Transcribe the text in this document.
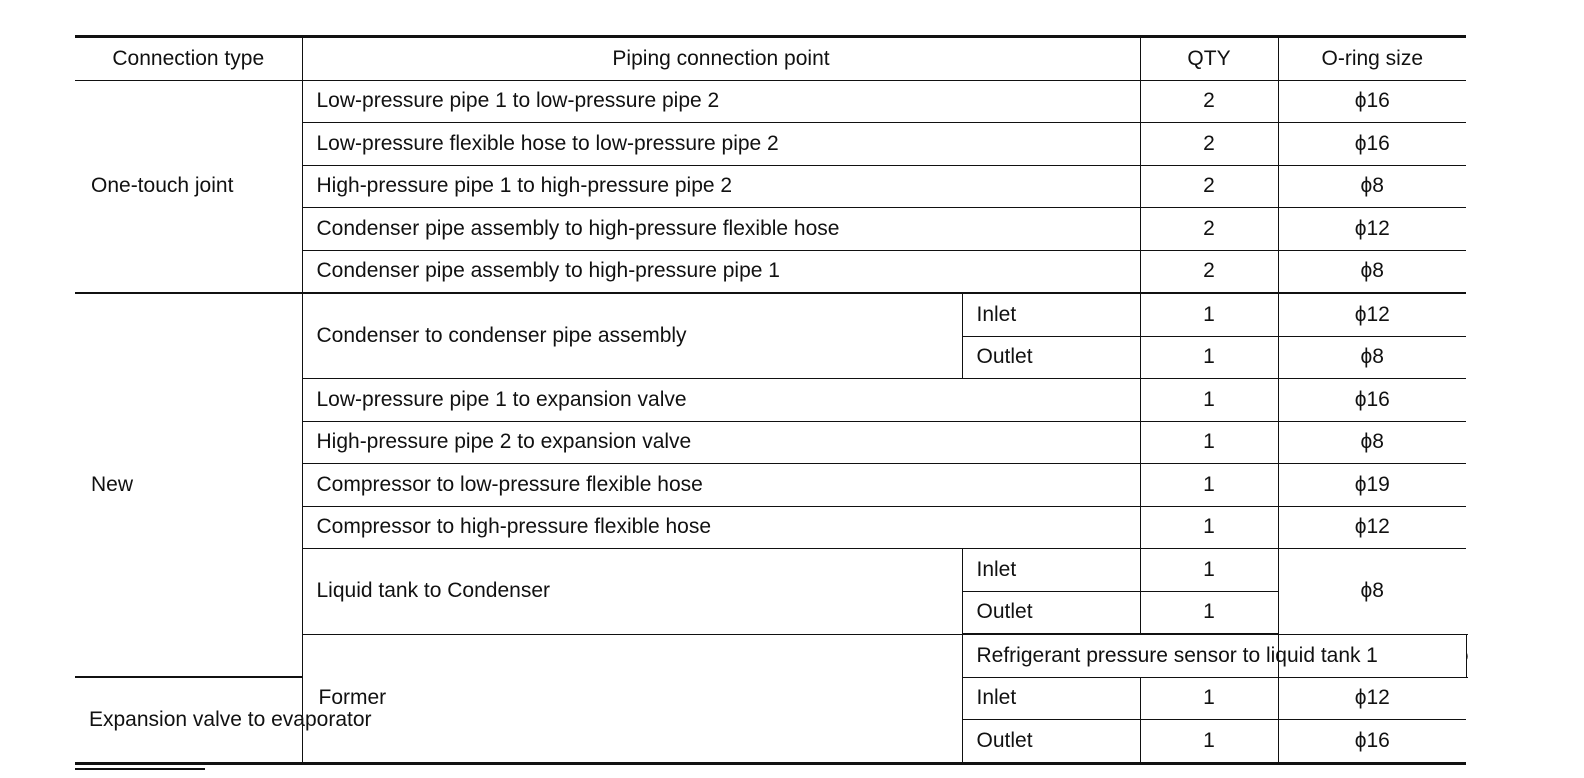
Connection type	Piping connection point		QTY	O-ring size	
One-touch joint	Low-pressure pipe 1 to low-pressure pipe 2		2	ϕ16	
	Low-pressure flexible hose to low-pressure pipe 2		2	ϕ16	
	High-pressure pipe 1 to high-pressure pipe 2		2	ϕ8	
	Condenser pipe assembly to high-pressure flexible hose		2	ϕ12	
	Condenser pipe assembly to high-pressure pipe 1		2	ϕ8	
New	Condenser to condenser pipe assembly	Inlet	1	ϕ12	
		Outlet	1	ϕ8	
	Low-pressure pipe 1 to expansion valve		1	ϕ16	
	High-pressure pipe 2 to expansion valve		1	ϕ8	
	Compressor to low-pressure flexible hose		1	ϕ19	
	Compressor to high-pressure flexible hose		1	ϕ12	
	Liquid tank to Condenser	Inlet	1	ϕ8	
		Outlet	1		
	Former	Refrigerant pressure sensor to liquid tank		1	
Expansion valve to evaporator		Inlet	1	ϕ12	
		Outlet	1	ϕ16	
